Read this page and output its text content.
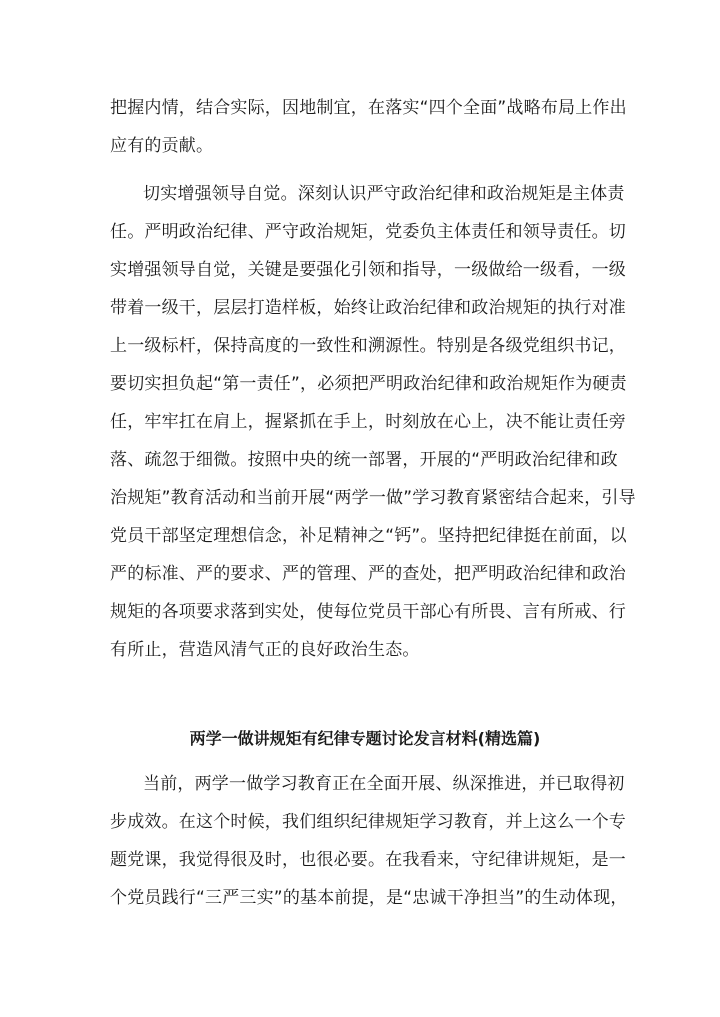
把握内情，结合实际，因地制宜，在落实“四个全面”战略布局上作出
应有的贡献。
切实增强领导自觉。深刻认识严守政治纪律和政治规矩是主体责
任。严明政治纪律、严守政治规矩，党委负主体责任和领导责任。切
实增强领导自觉，关键是要强化引领和指导，一级做给一级看，一级
带着一级干，层层打造样板，始终让政治纪律和政治规矩的执行对准
上一级标杆，保持高度的一致性和溯源性。特别是各级党组织书记，
要切实担负起“第一责任”，必须把严明政治纪律和政治规矩作为硬责
任，牢牢扛在肩上，握紧抓在手上，时刻放在心上，决不能让责任旁
落、疏忽于细微。按照中央的统一部署，开展的“严明政治纪律和政
治规矩”教育活动和当前开展“两学一做”学习教育紧密结合起来，引导
党员干部坚定理想信念，补足精神之“钙”。坚持把纪律挺在前面，以
严的标准、严的要求、严的管理、严的查处，把严明政治纪律和政治
规矩的各项要求落到实处，使每位党员干部心有所畏、言有所戒、行
有所止，营造风清气正的良好政治生态。
两学一做讲规矩有纪律专题讨论发言材料(精选篇)
当前，两学一做学习教育正在全面开展、纵深推进，并已取得初
步成效。在这个时候，我们组织纪律规矩学习教育，并上这么一个专
题党课，我觉得很及时，也很必要。在我看来，守纪律讲规矩，是一
个党员践行“三严三实”的基本前提，是“忠诚干净担当”的生动体现，
